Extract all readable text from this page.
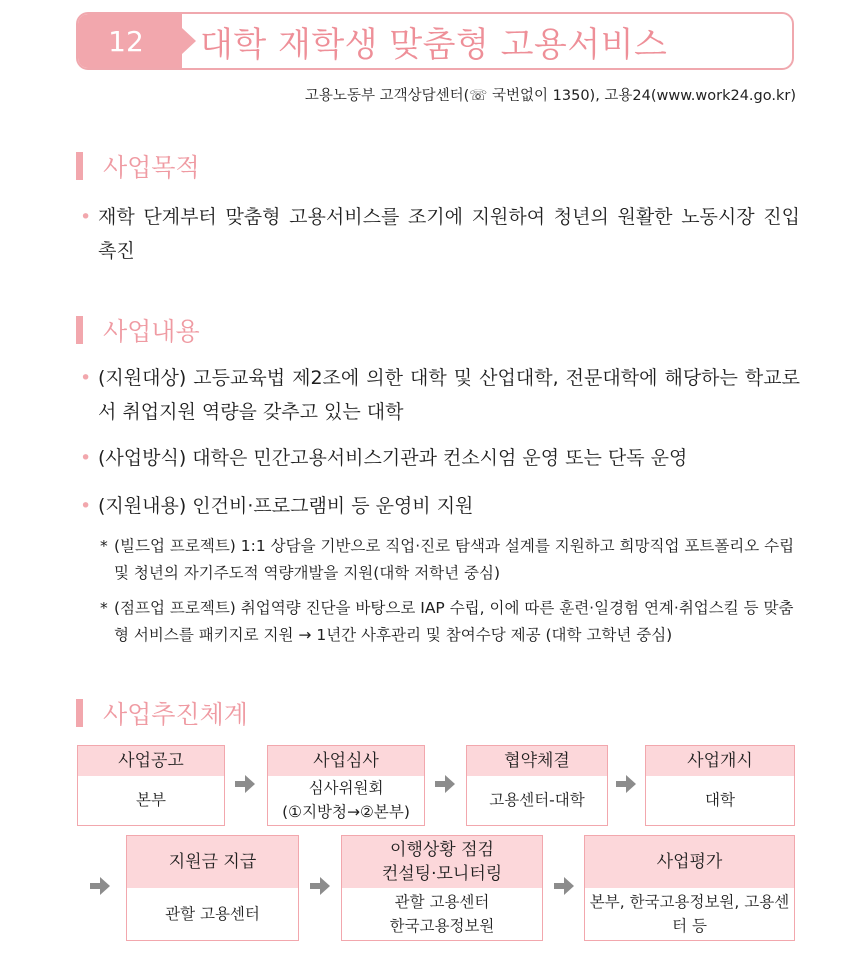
12	대학 재학생 맞춤형 고용서비스
고용노동부 고객상담센터(☏ 국번없이 1350), 고용24(www.work24.go.kr)
사업목적
• 재학 단계부터 맞춤형 고용서비스를 조기에 지원하여 청년의 원활한 노동시장 진입 촉진
사업내용
• (지원대상) 고등교육법 제2조에 의한 대학 및 산업대학, 전문대학에 해당하는 학교로서 취업지원 역량을 갖추고 있는 대학
• (사업방식) 대학은 민간고용서비스기관과 컨소시엄 운영 또는 단독 운영
• (지원내용) 인건비·프로그램비 등 운영비 지원
* (빌드업 프로젝트) 1:1 상담을 기반으로 직업·진로 탐색과 설계를 지원하고 희망직업 포트폴리오 수립 및 청년의 자기주도적 역량개발을 지원(대학 저학년 중심)
* (점프업 프로젝트) 취업역량 진단을 바탕으로 IAP 수립, 이에 따른 훈련·일경험 연계·취업스킬 등 맞춤형 서비스를 패키지로 지원 → 1년간 사후관리 및 참여수당 제공 (대학 고학년 중심)
사업추진체계
사업공고
본부
사업심사
심사위원회
(①지방청→②본부)
협약체결
고용센터-대학
사업개시
대학
지원금 지급
관할 고용센터
이행상황 점검
컨설팅·모니터링
관할 고용센터
한국고용정보원
사업평가
본부, 한국고용정보원, 고용센터 등
